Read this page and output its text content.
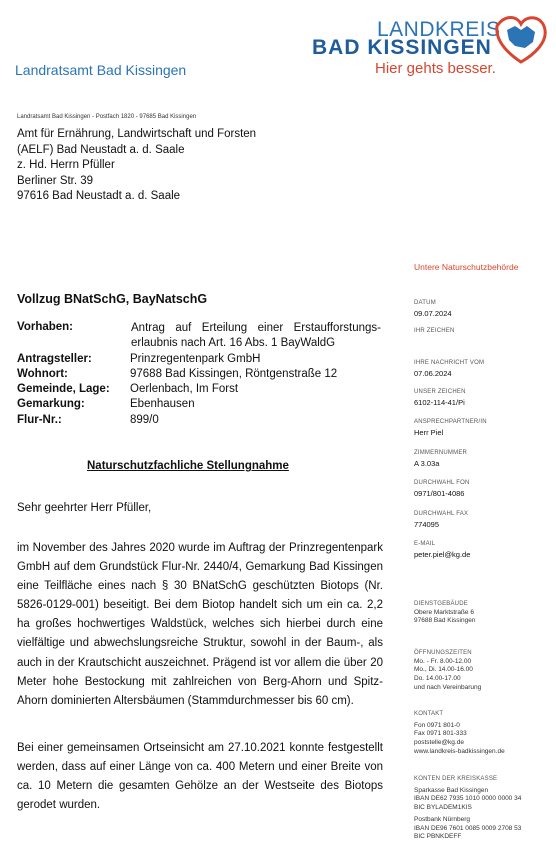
LANDKREIS
BAD KISSINGEN
Hier gehts besser.
Landratsamt Bad Kissingen
Landratsamt Bad Kissingen - Postfach 1820 - 97685 Bad Kissingen
Amt für Ernährung, Landwirtschaft und Forsten
(AELF) Bad Neustadt a. d. Saale
z. Hd. Herrn Pfüller
Berliner Str. 39
97616 Bad Neustadt a. d. Saale
Untere Naturschutzbehörde
Vollzug BNatSchG, BayNatschG
Vorhaben:	Antrag auf Erteilung einer Erstaufforstungs-erlaubnis nach Art. 16 Abs. 1 BayWaldG
Antragsteller:	Prinzregentenpark GmbH
Wohnort:	97688 Bad Kissingen, Röntgenstraße 12
Gemeinde, Lage: Oerlenbach, Im Forst
Gemarkung:	Ebenhausen
Flur-Nr.:	899/0
Naturschutzfachliche Stellungnahme
Sehr geehrter Herr Pfüller,
im November des Jahres 2020 wurde im Auftrag der Prinzregentenpark GmbH auf dem Grundstück Flur-Nr. 2440/4, Gemarkung Bad Kissingen eine Teilfläche eines nach § 30 BNatSchG geschützten Biotops (Nr. 5826-0129-001) beseitigt. Bei dem Biotop handelt sich um ein ca. 2,2 ha großes hochwertiges Waldstück, welches sich hierbei durch eine vielfältige und abwechslungsreiche Struktur, sowohl in der Baum-, als auch in der Krautschicht auszeichnet. Prägend ist vor allem die über 20 Meter hohe Bestockung mit zahlreichen von Berg-Ahorn und Spitz-Ahorn dominierten Altersbäumen (Stammdurchmesser bis 60 cm).
Bei einer gemeinsamen Ortseinsicht am 27.10.2021 konnte festgestellt werden, dass auf einer Länge von ca. 400 Metern und einer Breite von ca. 10 Metern die gesamten Gehölze an der Westseite des Biotops gerodet wurden.
DATUM
09.07.2024
IHR ZEICHEN
IHRE NACHRICHT VOM
07.06.2024
UNSER ZEICHEN
6102-114-41/Pi
ANSPRECHPARTNER/IN
Herr Piel
ZIMMERNUMMER
A 3.03a
DURCHWAHL FON
0971/801-4086
DURCHWAHL FAX
774095
E-MAIL
peter.piel@kg.de
DIENSTGEBÄUDE
Obere Marktstraße 6
97688 Bad Kissingen
ÖFFNUNGSZEITEN
Mo. - Fr. 8.00-12.00
Mo., Di. 14.00-16.00
Do. 14.00-17.00
und nach Vereinbarung
KONTAKT
Fon 0971 801-0
Fax 0971 801-333
poststelle@kg.de
www.landkreis-badkissingen.de
KONTEN DER KREISKASSE
Sparkasse Bad Kissingen
IBAN DE62 7935 1010 0000 0000 34
BIC BYLADEM1KIS
Postbank Nürnberg
IBAN DE96 7601 0085 0009 2708 53
BIC PBNKDEFF
